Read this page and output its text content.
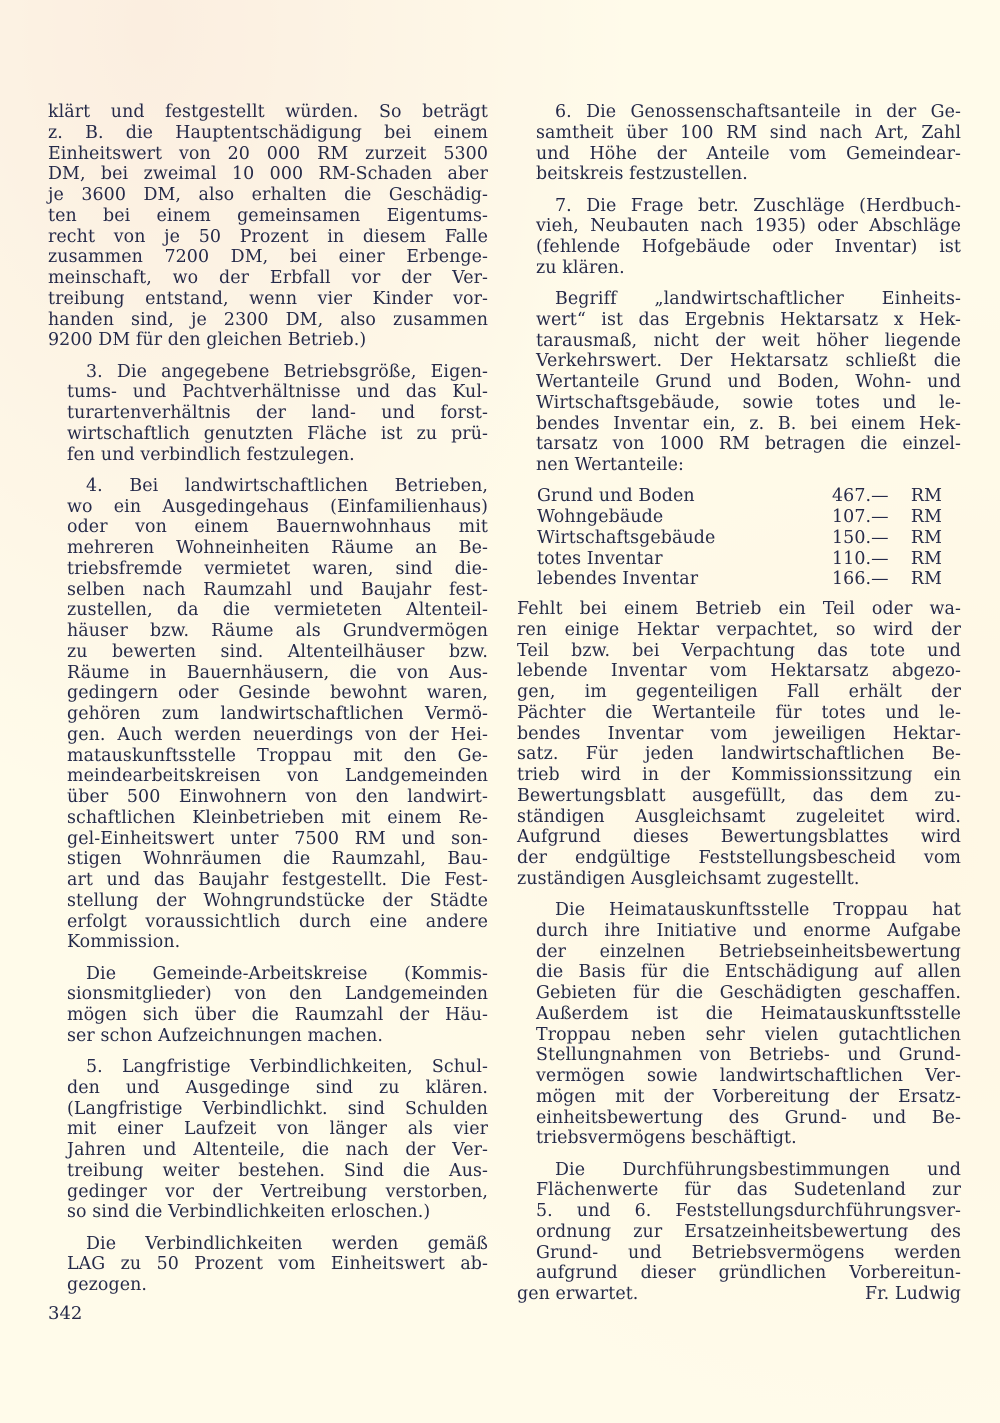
klärt und festgestellt würden. So beträgt
z. B. die Hauptentschädigung bei einem
Einheitswert von 20 000 RM zurzeit 5300
DM, bei zweimal 10 000 RM-Schaden aber
je 3600 DM, also erhalten die Geschädig-
ten bei einem gemeinsamen Eigentums-
recht von je 50 Prozent in diesem Falle
zusammen 7200 DM, bei einer Erbenge-
meinschaft, wo der Erbfall vor der Ver-
treibung entstand, wenn vier Kinder vor-
handen sind, je 2300 DM, also zusammen
9200 DM für den gleichen Betrieb.)

3. Die angegebene Betriebsgröße, Eigen-
tums- und Pachtverhältnisse und das Kul-
turartenverhältnis der land- und forst-
wirtschaftlich genutzten Fläche ist zu prü-
fen und verbindlich festzulegen.

4. Bei landwirtschaftlichen Betrieben,
wo ein Ausgedingehaus (Einfamilienhaus)
oder von einem Bauernwohnhaus mit
mehreren Wohneinheiten Räume an Be-
triebsfremde vermietet waren, sind die-
selben nach Raumzahl und Baujahr fest-
zustellen, da die vermieteten Altenteil-
häuser bzw. Räume als Grundvermögen
zu bewerten sind. Altenteilhäuser bzw.
Räume in Bauernhäusern, die von Aus-
gedingern oder Gesinde bewohnt waren,
gehören zum landwirtschaftlichen Vermö-
gen. Auch werden neuerdings von der Hei-
matauskunftsstelle Troppau mit den Ge-
meindearbeitskreisen von Landgemeinden
über 500 Einwohnern von den landwirt-
schaftlichen Kleinbetrieben mit einem Re-
gel-Einheitswert unter 7500 RM und son-
stigen Wohnräumen die Raumzahl, Bau-
art und das Baujahr festgestellt. Die Fest-
stellung der Wohngrundstücke der Städte
erfolgt voraussichtlich durch eine andere
Kommission.

Die Gemeinde-Arbeitskreise (Kommis-
sionsmitglieder) von den Landgemeinden
mögen sich über die Raumzahl der Häu-
ser schon Aufzeichnungen machen.

5. Langfristige Verbindlichkeiten, Schul-
den und Ausgedinge sind zu klären.
(Langfristige Verbindlichkt. sind Schulden
mit einer Laufzeit von länger als vier
Jahren und Altenteile, die nach der Ver-
treibung weiter bestehen. Sind die Aus-
gedinger vor der Vertreibung verstorben,
so sind die Verbindlichkeiten erloschen.)

Die Verbindlichkeiten werden gemäß
LAG zu 50 Prozent vom Einheitswert ab-
gezogen.

6. Die Genossenschaftsanteile in der Ge-
samtheit über 100 RM sind nach Art, Zahl
und Höhe der Anteile vom Gemeindear-
beitskreis festzustellen.

7. Die Frage betr. Zuschläge (Herdbuch-
vieh, Neubauten nach 1935) oder Abschläge
(fehlende Hofgebäude oder Inventar) ist
zu klären.

Begriff „landwirtschaftlicher Einheits-
wert“ ist das Ergebnis Hektarsatz x Hek-
tarausmaß, nicht der weit höher liegende
Verkehrswert. Der Hektarsatz schließt die
Wertanteile Grund und Boden, Wohn- und
Wirtschaftsgebäude, sowie totes und le-
bendes Inventar ein, z. B. bei einem Hek-
tarsatz von 1000 RM betragen die einzel-
nen Wertanteile:

Grund und Boden	467.—	RM
Wohngebäude	107.—	RM
Wirtschaftsgebäude	150.—	RM
totes Inventar	110.—	RM
lebendes Inventar	166.—	RM

Fehlt bei einem Betrieb ein Teil oder wa-
ren einige Hektar verpachtet, so wird der
Teil bzw. bei Verpachtung das tote und
lebende Inventar vom Hektarsatz abgezo-
gen, im gegenteiligen Fall erhält der
Pächter die Wertanteile für totes und le-
bendes Inventar vom jeweiligen Hektar-
satz. Für jeden landwirtschaftlichen Be-
trieb wird in der Kommissionssitzung ein
Bewertungsblatt ausgefüllt, das dem zu-
ständigen Ausgleichsamt zugeleitet wird.
Aufgrund dieses Bewertungsblattes wird
der endgültige Feststellungsbescheid vom
zuständigen Ausgleichsamt zugestellt.

Die Heimatauskunftsstelle Troppau hat
durch ihre Initiative und enorme Aufgabe
der einzelnen Betriebseinheitsbewertung
die Basis für die Entschädigung auf allen
Gebieten für die Geschädigten geschaffen.
Außerdem ist die Heimatauskunftsstelle
Troppau neben sehr vielen gutachtlichen
Stellungnahmen von Betriebs- und Grund-
vermögen sowie landwirtschaftlichen Ver-
mögen mit der Vorbereitung der Ersatz-
einheitsbewertung des Grund- und Be-
triebsvermögens beschäftigt.

Die Durchführungsbestimmungen und
Flächenwerte für das Sudetenland zur
5. und 6. Feststellungsdurchführungsver-
ordnung zur Ersatzeinheitsbewertung des
Grund- und Betriebsvermögens werden
aufgrund dieser gründlichen Vorbereitun-

gen erwartet.	Fr. Ludwig
342
